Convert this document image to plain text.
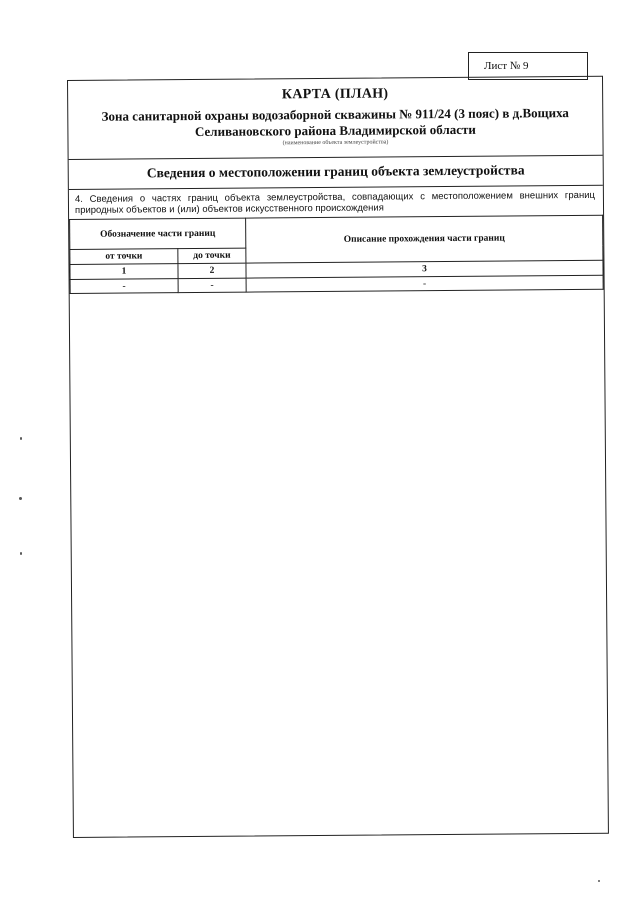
Лист № 9
КАРТА (ПЛАН)
Зона санитарной охраны водозаборной скважины № 911/24 (3 пояс) в д.Вощиха Селивановского района Владимирской области
(наименование объекта землеустройства)
Сведения о местоположении границ объекта землеустройства
4. Сведения о частях границ объекта землеустройства, совпадающих с местоположением внешних границ природных объектов и (или) объектов искусственного происхождения
Обозначение части границ		Описание прохождения части границ
от точки	до точки	
1	2	3
-	-	-
